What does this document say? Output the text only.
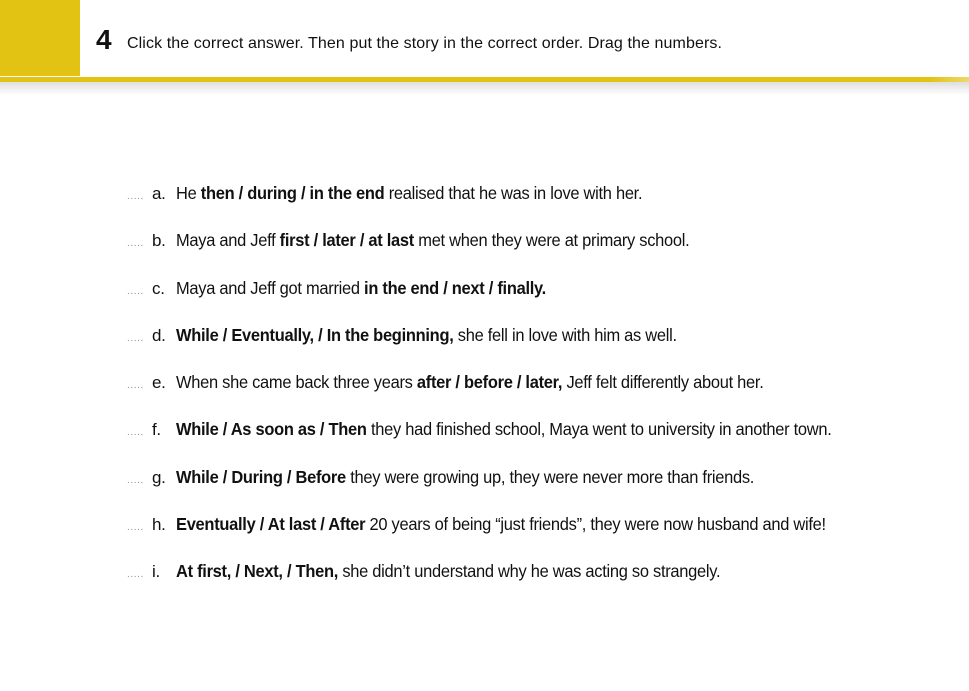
4 Click the correct answer. Then put the story in the correct order. Drag the numbers.
..... a. He then / during / in the end realised that he was in love with her.
..... b. Maya and Jeff first / later / at last met when they were at primary school.
..... c. Maya and Jeff got married in the end / next / finally.
..... d. While / Eventually, / In the beginning, she fell in love with him as well.
..... e. When she came back three years after / before / later, Jeff felt differently about her.
..... f. While / As soon as / Then they had finished school, Maya went to university in another town.
..... g. While / During / Before they were growing up, they were never more than friends.
..... h. Eventually / At last / After 20 years of being “just friends”, they were now husband and wife!
..... i. At first, / Next, / Then, she didn’t understand why he was acting so strangely.
